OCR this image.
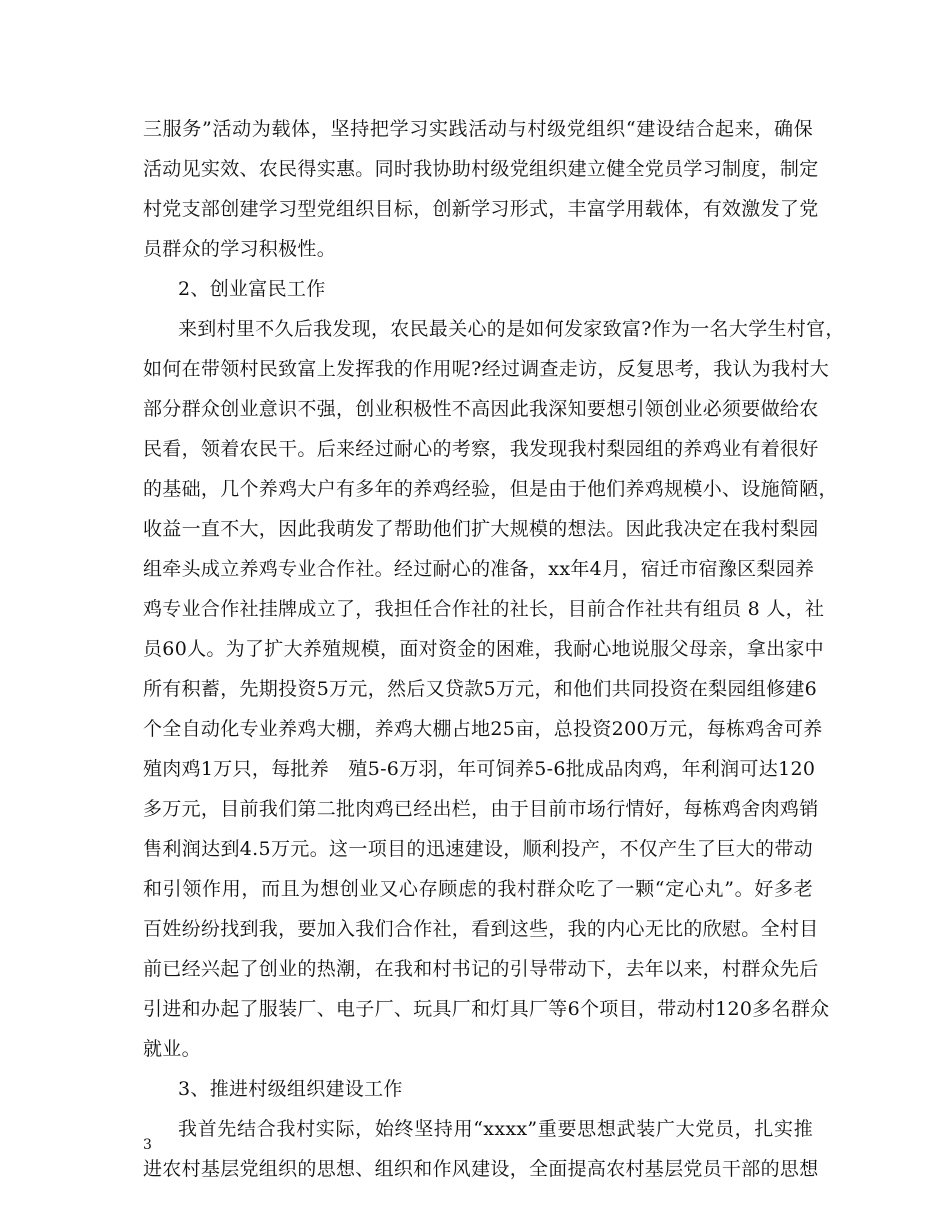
三服务”活动为载体，坚持把学习实践活动与村级党组织“建设结合起来，确保
活动见实效、农民得实惠。同时我协助村级党组织建立健全党员学习制度，制定
村党支部创建学习型党组织目标，创新学习形式，丰富学用载体，有效激发了党
员群众的学习积极性。
2、创业富民工作
来到村里不久后我发现，农民最关心的是如何发家致富?作为一名大学生村官，
如何在带领村民致富上发挥我的作用呢?经过调查走访，反复思考，我认为我村大
部分群众创业意识不强，创业积极性不高因此我深知要想引领创业必须要做给农
民看，领着农民干。后来经过耐心的考察，我发现我村梨园组的养鸡业有着很好
的基础，几个养鸡大户有多年的养鸡经验，但是由于他们养鸡规模小、设施简陋，
收益一直不大，因此我萌发了帮助他们扩大规模的想法。因此我决定在我村梨园
组牵头成立养鸡专业合作社。经过耐心的准备，xx年4月，宿迁市宿豫区梨园养
鸡专业合作社挂牌成立了，我担任合作社的社长，目前合作社共有组员 8 人，社
员60人。为了扩大养殖规模，面对资金的困难，我耐心地说服父母亲，拿出家中
所有积蓄，先期投资5万元，然后又贷款5万元，和他们共同投资在梨园组修建6
个全自动化专业养鸡大棚，养鸡大棚占地25亩，总投资200万元，每栋鸡舍可养
殖肉鸡1万只，每批养　殖5-6万羽，年可饲养5-6批成品肉鸡，年利润可达120
多万元，目前我们第二批肉鸡已经出栏，由于目前市场行情好，每栋鸡舍肉鸡销
售利润达到4.5万元。这一项目的迅速建设，顺利投产，不仅产生了巨大的带动
和引领作用，而且为想创业又心存顾虑的我村群众吃了一颗“定心丸”。好多老
百姓纷纷找到我，要加入我们合作社，看到这些，我的内心无比的欣慰。全村目
前已经兴起了创业的热潮，在我和村书记的引导带动下，去年以来，村群众先后
引进和办起了服装厂、电子厂、玩具厂和灯具厂等6个项目，带动村120多名群众
就业。
3、推进村级组织建设工作
我首先结合我村实际，始终坚持用“xxxx”重要思想武装广大党员，扎实推
进农村基层党组织的思想、组织和作风建设，全面提高农村基层党员干部的思想
3
